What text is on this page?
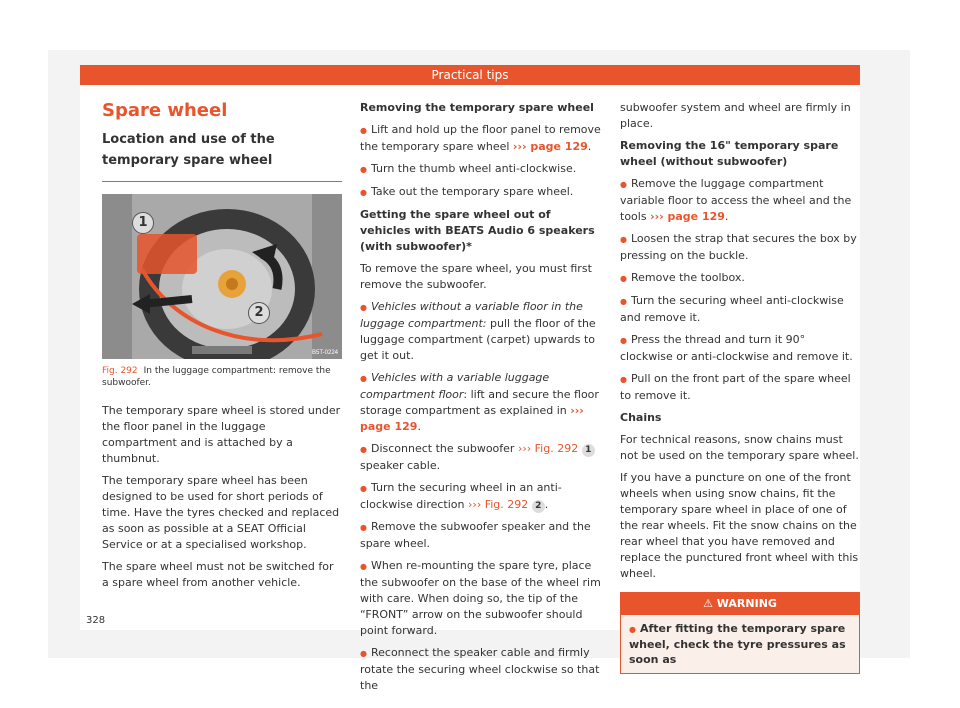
Practical tips
Spare wheel
Location and use of the temporary spare wheel
B5T-0224
1
2
Fig. 292 In the luggage compartment: remove the subwoofer.

The temporary spare wheel is stored under the floor panel in the luggage compartment and is attached by a thumbnut.

The temporary spare wheel has been designed to be used for short periods of time. Have the tyres checked and replaced as soon as possible at a SEAT Official Service or at a specialised workshop.

The spare wheel must not be switched for a spare wheel from another vehicle.

Removing the temporary spare wheel

● Lift and hold up the floor panel to remove the temporary spare wheel ››› page 129.

● Turn the thumb wheel anti-clockwise.

● Take out the temporary spare wheel.

Getting the spare wheel out of vehicles with BEATS Audio 6 speakers (with subwoofer)*

To remove the spare wheel, you must first remove the subwoofer.

● Vehicles without a variable floor in the luggage compartment: pull the floor of the luggage compartment (carpet) upwards to get it out.

● Vehicles with a variable luggage compartment floor: lift and secure the floor storage compartment as explained in ››› page 129.

● Disconnect the subwoofer ››› Fig. 292 1 speaker cable.

● Turn the securing wheel in an anti-clockwise direction ››› Fig. 292 2 .

● Remove the subwoofer speaker and the spare wheel.

● When re-mounting the spare tyre, place the subwoofer on the base of the wheel rim with care. When doing so, the tip of the “FRONT” arrow on the subwoofer should point forward.

● Reconnect the speaker cable and firmly rotate the securing wheel clockwise so that the

subwoofer system and wheel are firmly in place.

Removing the 16" temporary spare wheel (without subwoofer)

● Remove the luggage compartment variable floor to access the wheel and the tools ››› page 129.

● Loosen the strap that secures the box by pressing on the buckle.

● Remove the toolbox.

● Turn the securing wheel anti-clockwise and remove it.

● Press the thread and turn it 90° clockwise or anti-clockwise and remove it.

● Pull on the front part of the spare wheel to remove it.

Chains

For technical reasons, snow chains must not be used on the temporary spare wheel.

If you have a puncture on one of the front wheels when using snow chains, fit the temporary spare wheel in place of one of the rear wheels. Fit the snow chains on the rear wheel that you have removed and replace the punctured front wheel with this wheel.

⚠ WARNING
● After fitting the temporary spare wheel, check the tyre pressures as soon as
328
